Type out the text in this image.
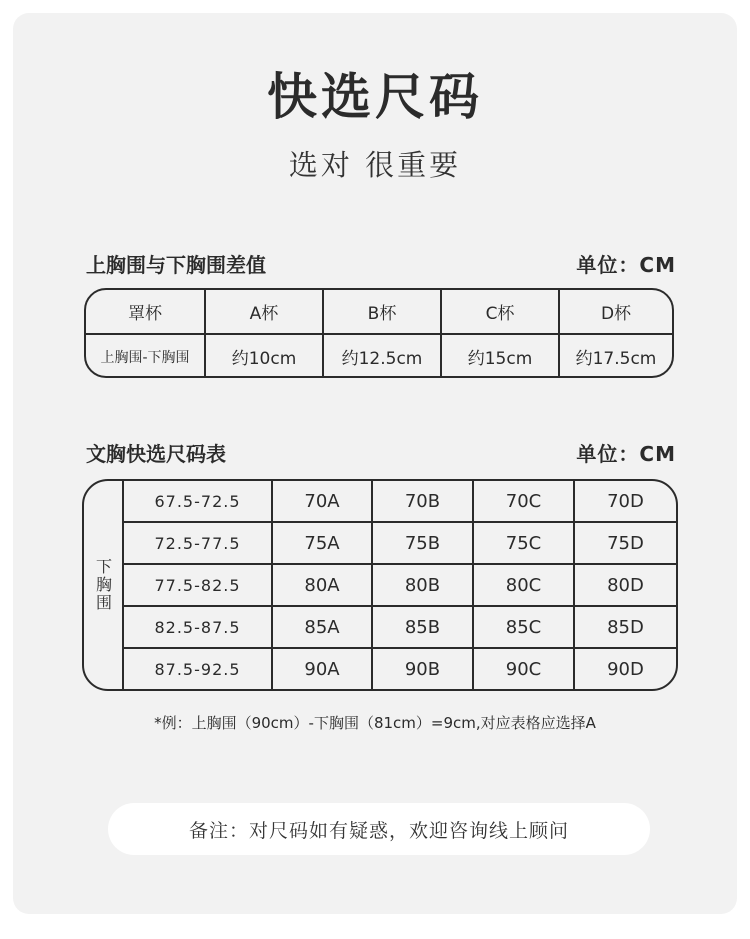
快选尺码
选对 很重要
上胸围与下胸围差值	单位：CM
罩杯	A杯	B杯	C杯	D杯
上胸围-下胸围	约10cm	约12.5cm	约15cm	约17.5cm
文胸快选尺码表	单位：CM
下胸围
67.5-72.5	70A	70B	70C	70D
72.5-77.5	75A	75B	75C	75D
77.5-82.5	80A	80B	80C	80D
82.5-87.5	85A	85B	85C	85D
87.5-92.5	90A	90B	90C	90D
*例：上胸围（90cm）-下胸围（81cm）=9cm,对应表格应选择A
备注：对尺码如有疑惑，欢迎咨询线上顾问
